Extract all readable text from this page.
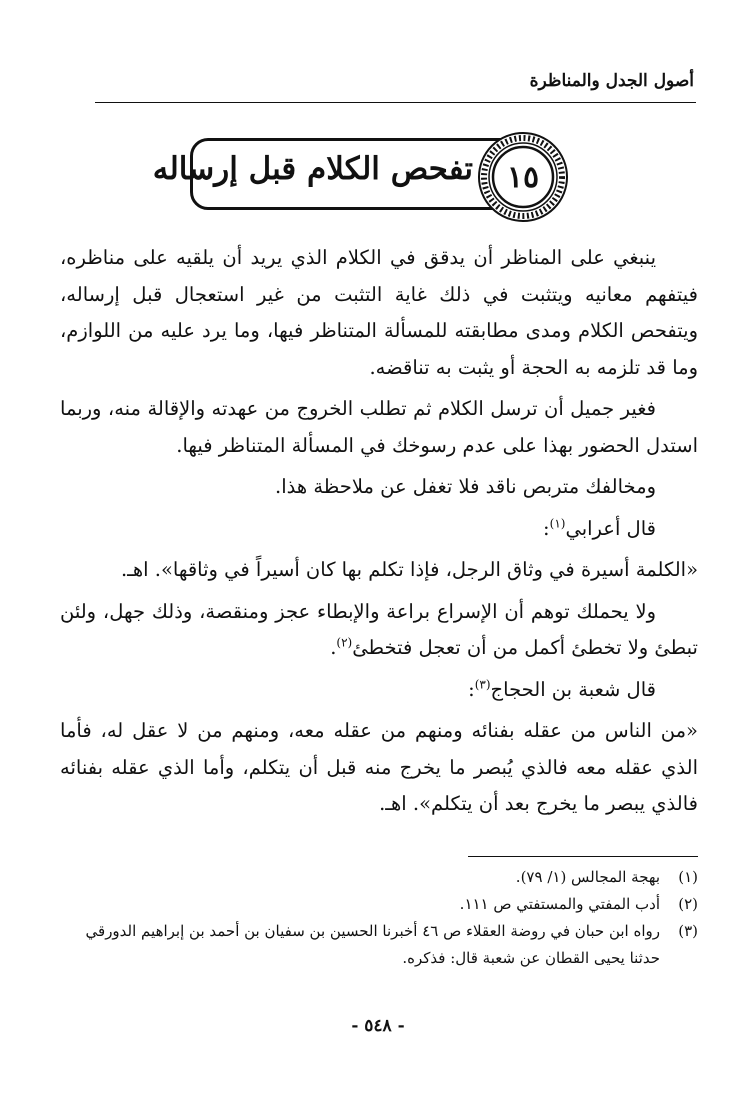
أصول الجدل والمناظرة
تفحص الكلام قبل إرساله	١٥

ينبغي على المناظر أن يدقق في الكلام الذي يريد أن يلقيه على مناظره، فيتفهم معانيه ويتثبت في ذلك غاية التثبت من غير استعجال قبل إرساله، ويتفحص الكلام ومدى مطابقته للمسألة المتناظر فيها، وما يرد عليه من اللوازم، وما قد تلزمه به الحجة أو يثبت به تناقضه.

فغير جميل أن ترسل الكلام ثم تطلب الخروج من عهدته والإقالة منه، وربما استدل الحضور بهذا على عدم رسوخك في المسألة المتناظر فيها.

ومخالفك متربص ناقد فلا تغفل عن ملاحظة هذا.

قال أعرابي$^{(١)}$:

«الكلمة أسيرة في وثاق الرجل، فإذا تكلم بها كان أسيراً في وثاقها». اهـ.

ولا يحملك توهم أن الإسراع براعة والإبطاء عجز ومنقصة، وذلك جهل، ولئن تبطئ ولا تخطئ أكمل من أن تعجل فتخطئ$^{(٢)}$.

قال شعبة بن الحجاج$^{(٣)}$:

«من الناس من عقله بفنائه ومنهم من عقله معه، ومنهم من لا عقل له، فأما الذي عقله معه فالذي يُبصر ما يخرج منه قبل أن يتكلم، وأما الذي عقله بفنائه فالذي يبصر ما يخرج بعد أن يتكلم». اهـ.

(١)
بهجة المجالس (١/ ٧٩).
(٢)
أدب المفتي والمستفتي ص ١١١.
(٣)
رواه ابن حبان في روضة العقلاء ص ٤٦ أخبرنا الحسين بن سفيان بن أحمد بن إبراهيم الدورقي حدثنا يحيى القطان عن شعبة قال: فذكره.
- ٥٤٨ -
